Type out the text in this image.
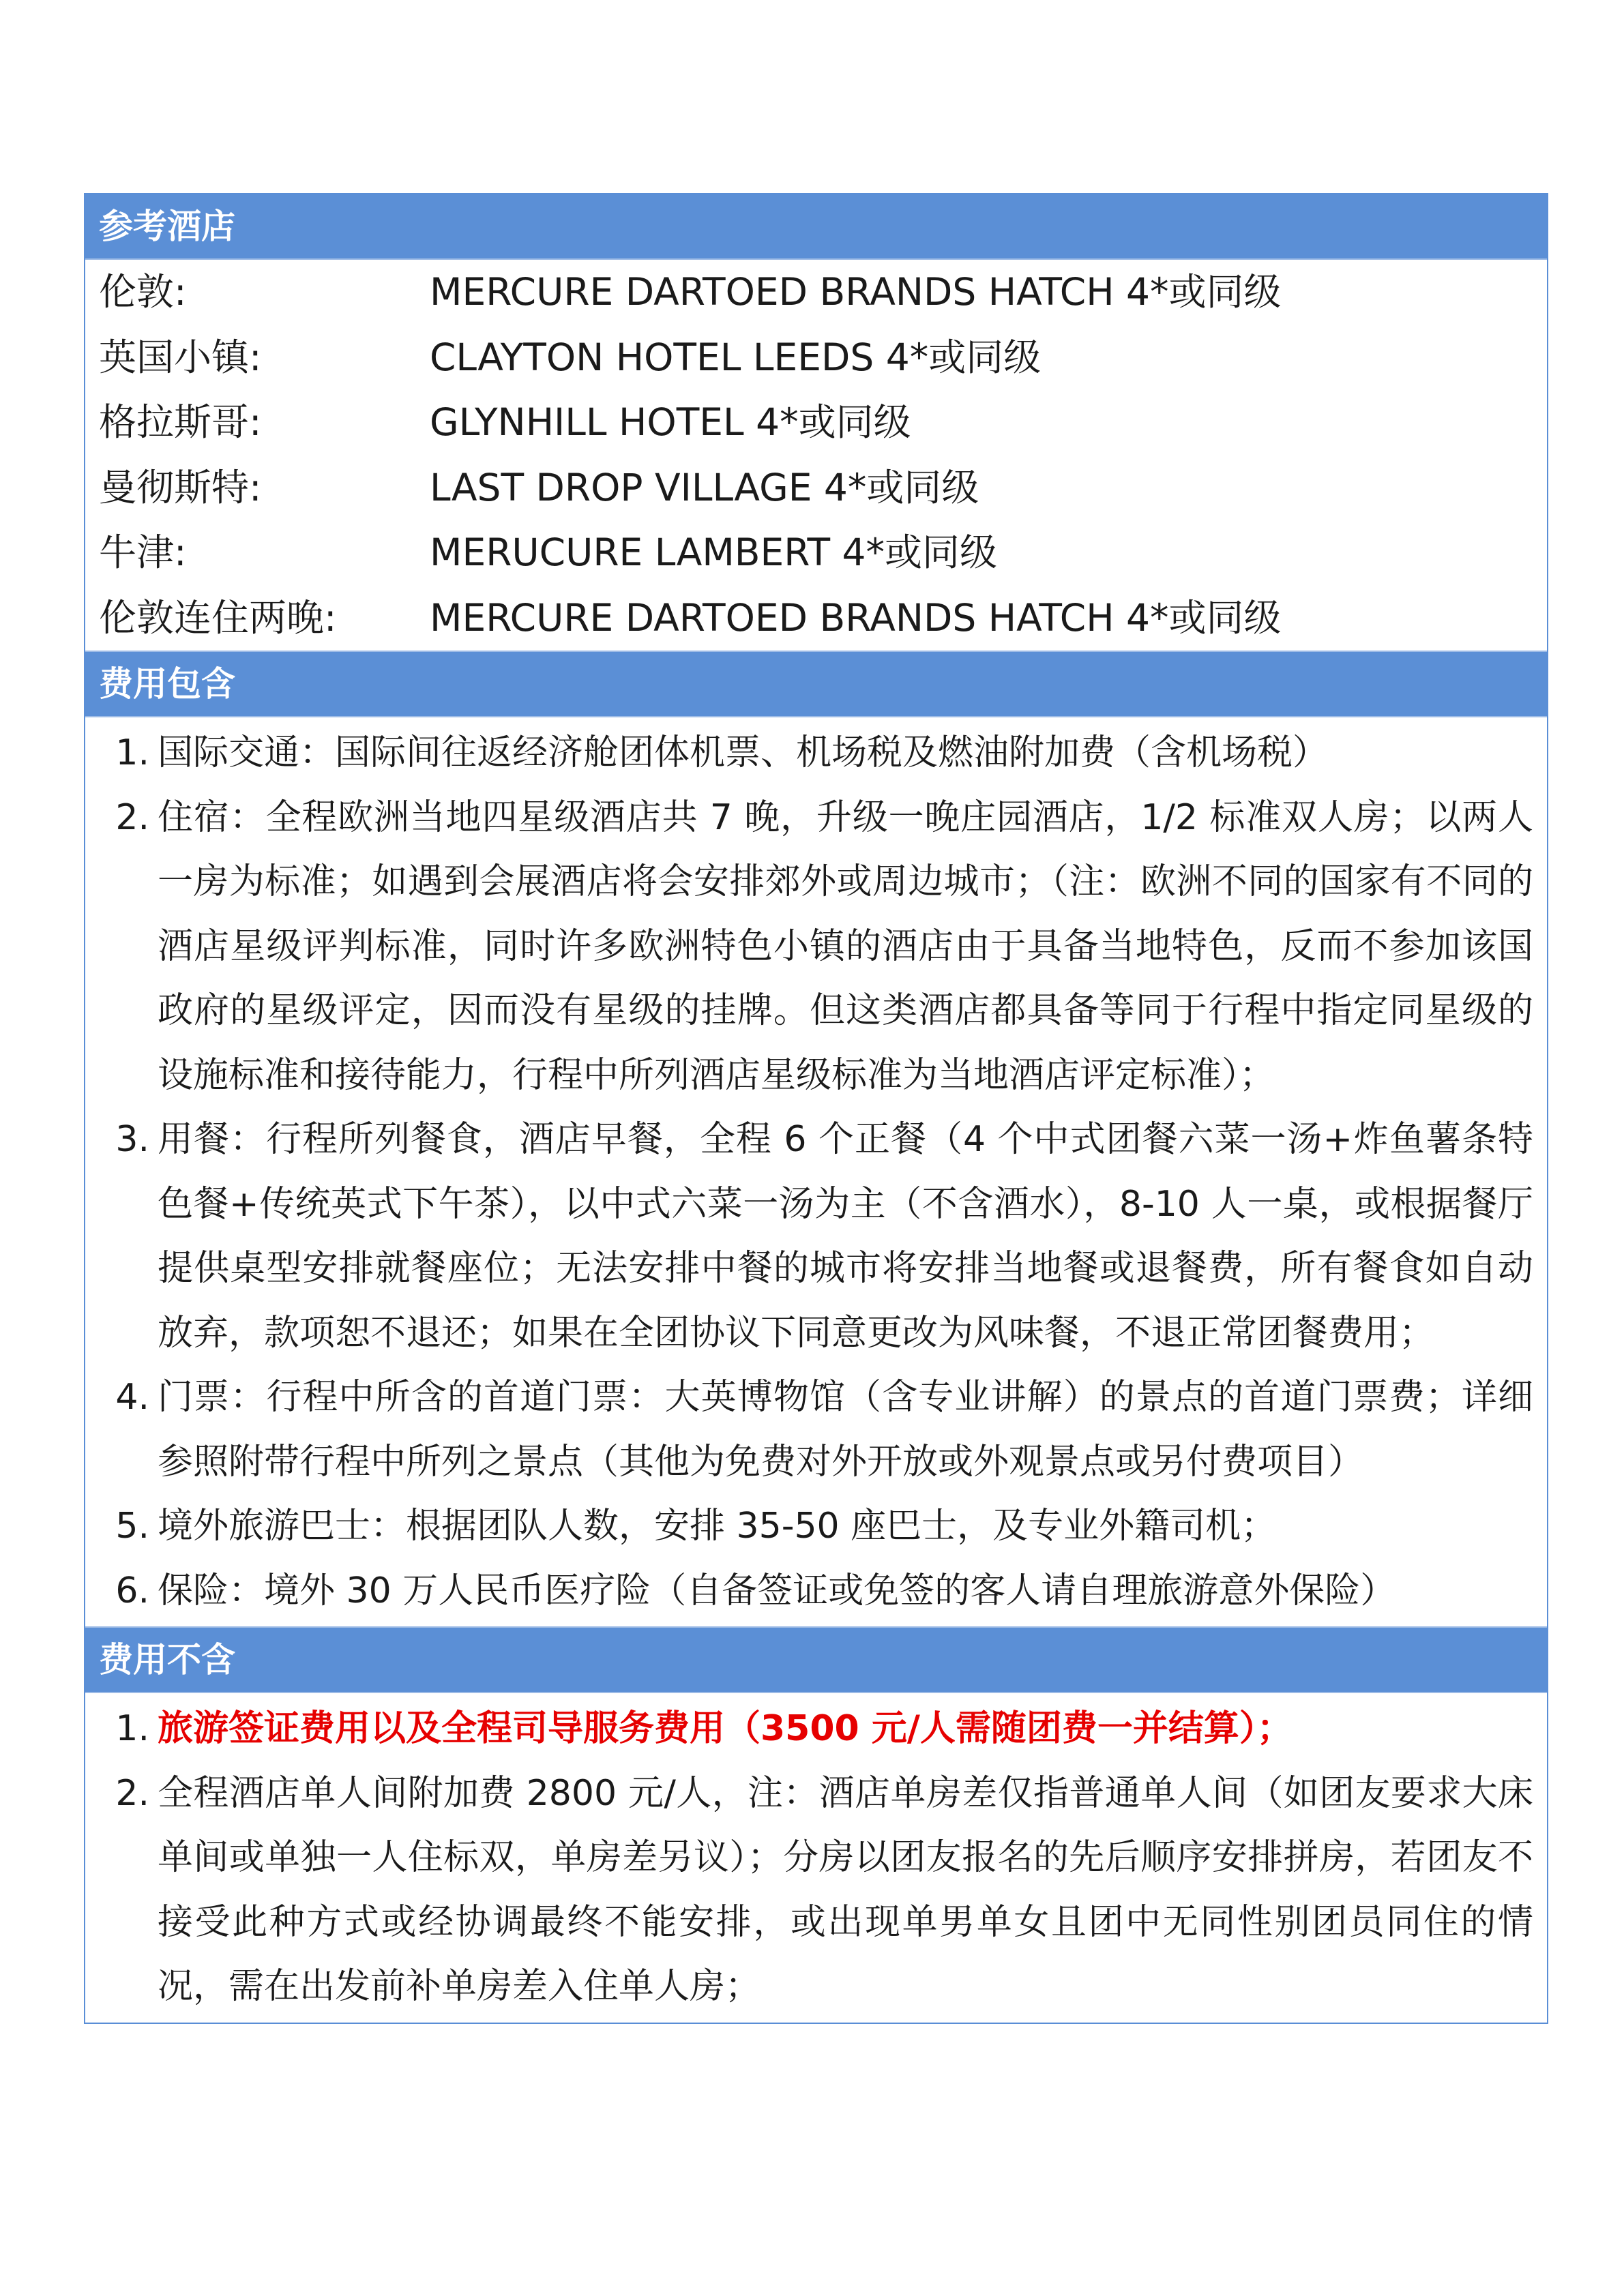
参考酒店
伦敦:	MERCURE DARTOED BRANDS HATCH 4*或同级
英国小镇:	CLAYTON HOTEL LEEDS 4*或同级
格拉斯哥:	GLYNHILL HOTEL 4*或同级
曼彻斯特:	LAST DROP VILLAGE 4*或同级
牛津:	MERUCURE LAMBERT 4*或同级
伦敦连住两晚:	MERCURE DARTOED BRANDS HATCH 4*或同级
费用包含
1. 国际交通：国际间往返经济舱团体机票、机场税及燃油附加费（含机场税）
2. 住宿：全程欧洲当地四星级酒店共 7 晚，升级一晚庄园酒店，1/2 标准双人房；以两人一房为标准；如遇到会展酒店将会安排郊外或周边城市；（注：欧洲不同的国家有不同的酒店星级评判标准，同时许多欧洲特色小镇的酒店由于具备当地特色，反而不参加该国政府的星级评定，因而没有星级的挂牌。但这类酒店都具备等同于行程中指定同星级的设施标准和接待能力，行程中所列酒店星级标准为当地酒店评定标准）；
3. 用餐：行程所列餐食，酒店早餐，全程 6 个正餐（4 个中式团餐六菜一汤+炸鱼薯条特色餐+传统英式下午茶），以中式六菜一汤为主（不含酒水），8-10 人一桌，或根据餐厅提供桌型安排就餐座位；无法安排中餐的城市将安排当地餐或退餐费，所有餐食如自动放弃，款项恕不退还；如果在全团协议下同意更改为风味餐，不退正常团餐费用；
4. 门票：行程中所含的首道门票：大英博物馆（含专业讲解）的景点的首道门票费；详细参照附带行程中所列之景点（其他为免费对外开放或外观景点或另付费项目）
5. 境外旅游巴士：根据团队人数，安排 35-50 座巴士，及专业外籍司机；
6. 保险：境外 30 万人民币医疗险（自备签证或免签的客人请自理旅游意外保险）
费用不含
1. 旅游签证费用以及全程司导服务费用（3500 元/人需随团费一并结算）；
2. 全程酒店单人间附加费 2800 元/人，注：酒店单房差仅指普通单人间（如团友要求大床单间或单独一人住标双，单房差另议）；分房以团友报名的先后顺序安排拼房，若团友不接受此种方式或经协调最终不能安排，或出现单男单女且团中无同性别团员同住的情况，需在出发前补单房差入住单人房；
